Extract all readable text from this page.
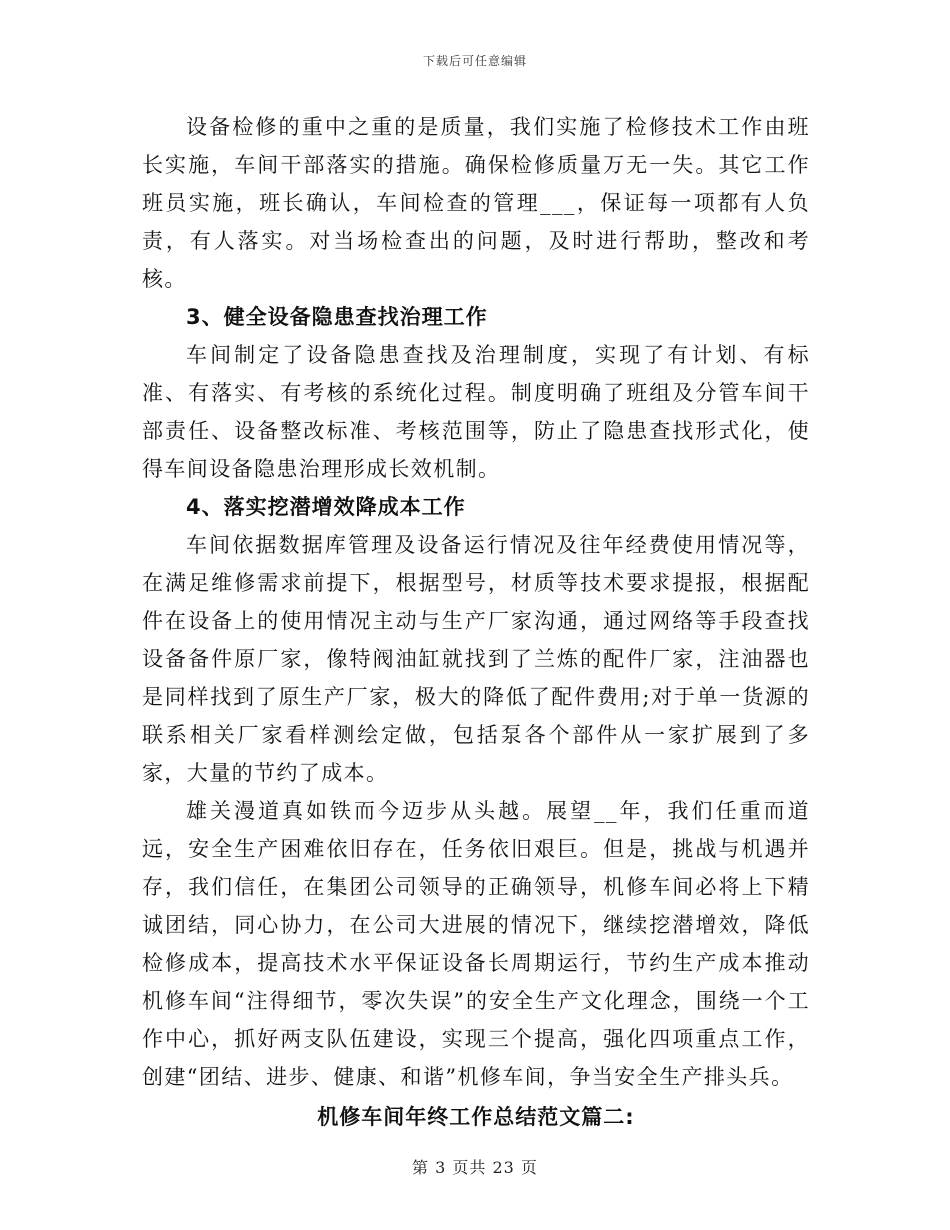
下载后可任意编辑

设备检修的重中之重的是质量，我们实施了检修技术工作由班长实施，车间干部落实的措施。确保检修质量万无一失。其它工作班员实施，班长确认，车间检查的管理___，保证每一项都有人负责，有人落实。对当场检查出的问题，及时进行帮助，整改和考核。

3、健全设备隐患查找治理工作

车间制定了设备隐患查找及治理制度，实现了有计划、有标准、有落实、有考核的系统化过程。制度明确了班组及分管车间干部责任、设备整改标准、考核范围等，防止了隐患查找形式化，使得车间设备隐患治理形成长效机制。

4、落实挖潜增效降成本工作

车间依据数据库管理及设备运行情况及往年经费使用情况等，在满足维修需求前提下，根据型号，材质等技术要求提报，根据配件在设备上的使用情况主动与生产厂家沟通，通过网络等手段查找设备备件原厂家，像特阀油缸就找到了兰炼的配件厂家，注油器也是同样找到了原生产厂家，极大的降低了配件费用;对于单一货源的联系相关厂家看样测绘定做，包括泵各个部件从一家扩展到了多家，大量的节约了成本。

雄关漫道真如铁而今迈步从头越。展望__年，我们任重而道远，安全生产困难依旧存在，任务依旧艰巨。但是，挑战与机遇并存，我们信任，在集团公司领导的正确领导，机修车间必将上下精诚团结，同心协力，在公司大进展的情况下，继续挖潜增效，降低检修成本，提高技术水平保证设备长周期运行，节约生产成本推动机修车间“注得细节，零次失误”的安全生产文化理念，围绕一个工作中心，抓好两支队伍建设，实现三个提高，强化四项重点工作，创建“团结、进步、健康、和谐”机修车间，争当安全生产排头兵。

机修车间年终工作总结范文篇二:

第 3 页共 23 页
